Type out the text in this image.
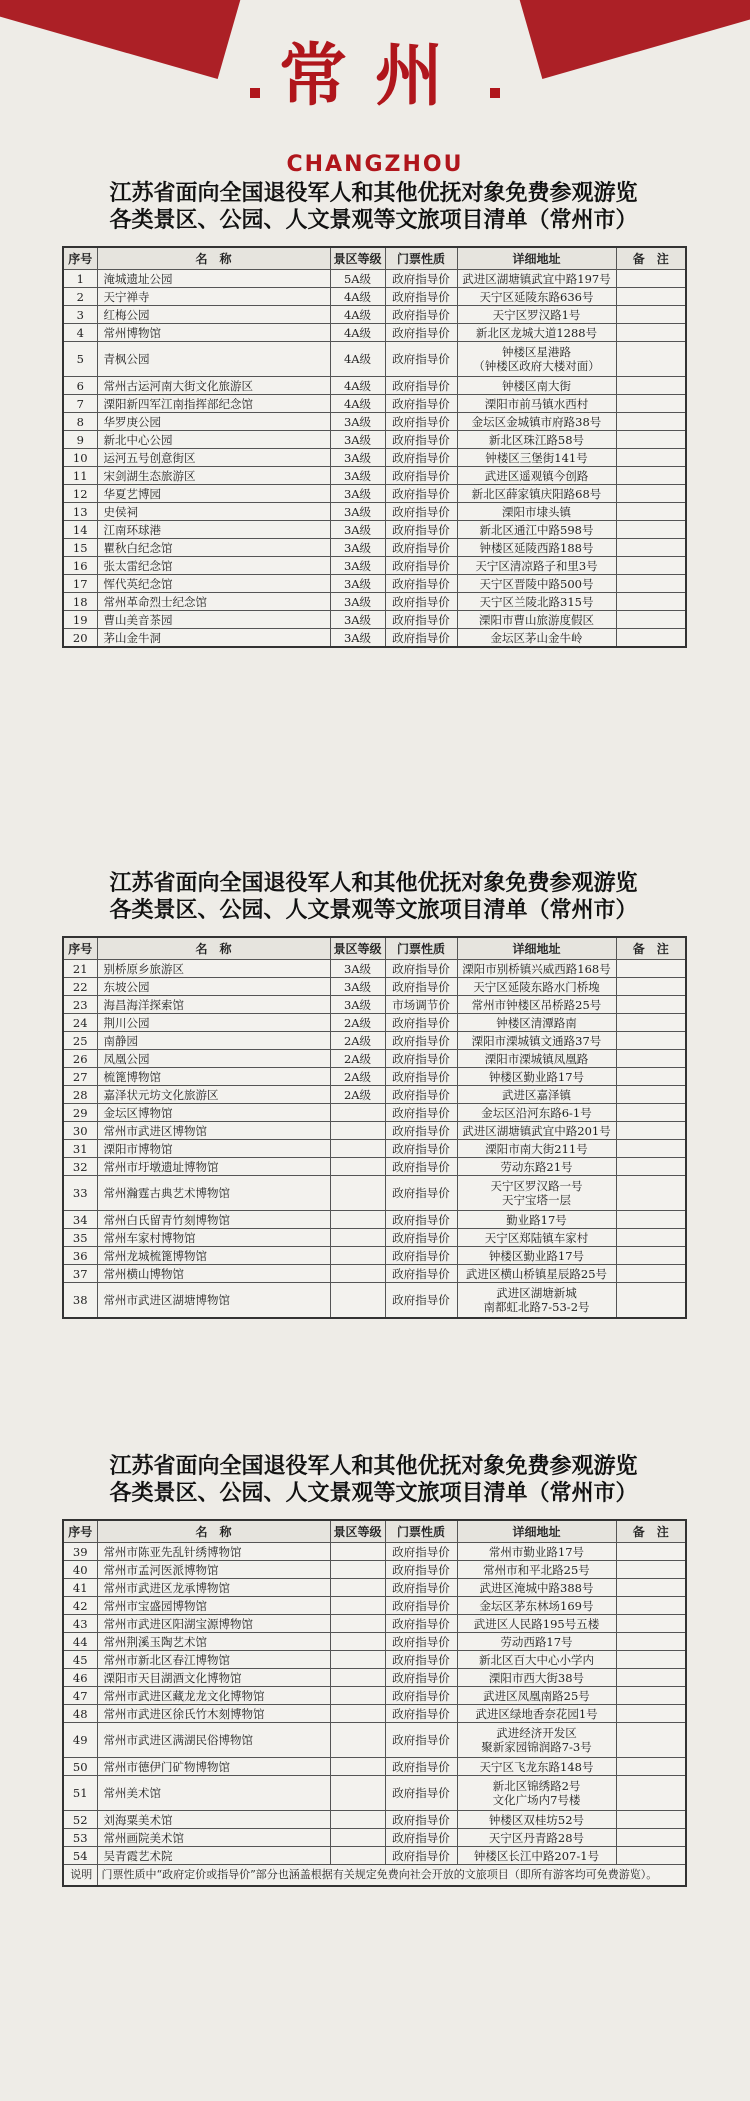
常州
CHANGZHOU
江苏省面向全国退役军人和其他优抚对象免费参观游览
各类景区、公园、人文景观等文旅项目清单（常州市）
序号	名　称	景区等级	门票性质	详细地址	备　注
1	淹城遗址公园	5A级	政府指导价	武进区湖塘镇武宜中路197号	
2	天宁禅寺	4A级	政府指导价	天宁区延陵东路636号	
3	红梅公园	4A级	政府指导价	天宁区罗汉路1号	
4	常州博物馆	4A级	政府指导价	新北区龙城大道1288号	
5	青枫公园	4A级	政府指导价	钟楼区星港路
（钟楼区政府大楼对面）	
6	常州古运河南大街文化旅游区	4A级	政府指导价	钟楼区南大街	
7	溧阳新四军江南指挥部纪念馆	4A级	政府指导价	溧阳市前马镇水西村	
8	华罗庚公园	3A级	政府指导价	金坛区金城镇市府路38号	
9	新北中心公园	3A级	政府指导价	新北区珠江路58号	
10	运河五号创意街区	3A级	政府指导价	钟楼区三堡街141号	
11	宋剑湖生态旅游区	3A级	政府指导价	武进区遥观镇今创路	
12	华夏艺博园	3A级	政府指导价	新北区薛家镇庆阳路68号	
13	史侯祠	3A级	政府指导价	溧阳市埭头镇	
14	江南环球港	3A级	政府指导价	新北区通江中路598号	
15	瞿秋白纪念馆	3A级	政府指导价	钟楼区延陵西路188号	
16	张太雷纪念馆	3A级	政府指导价	天宁区清凉路子和里3号	
17	恽代英纪念馆	3A级	政府指导价	天宁区晋陵中路500号	
18	常州革命烈士纪念馆	3A级	政府指导价	天宁区兰陵北路315号	
19	曹山美音茶园	3A级	政府指导价	溧阳市曹山旅游度假区	
20	茅山金牛洞	3A级	政府指导价	金坛区茅山金牛岭	
江苏省面向全国退役军人和其他优抚对象免费参观游览
各类景区、公园、人文景观等文旅项目清单（常州市）
序号	名　称	景区等级	门票性质	详细地址	备　注
21	别桥原乡旅游区	3A级	政府指导价	溧阳市别桥镇兴威西路168号	
22	东坡公园	3A级	政府指导价	天宁区延陵东路水门桥堍	
23	海昌海洋探索馆	3A级	市场调节价	常州市钟楼区吊桥路25号	
24	荆川公园	2A级	政府指导价	钟楼区清潭路南	
25	南静园	2A级	政府指导价	溧阳市溧城镇文通路37号	
26	凤凰公园	2A级	政府指导价	溧阳市溧城镇凤凰路	
27	梳篦博物馆	2A级	政府指导价	钟楼区勤业路17号	
28	嘉泽状元坊文化旅游区	2A级	政府指导价	武进区嘉泽镇	
29	金坛区博物馆		政府指导价	金坛区沿河东路6-1号	
30	常州市武进区博物馆		政府指导价	武进区湖塘镇武宜中路201号	
31	溧阳市博物馆		政府指导价	溧阳市南大街211号	
32	常州市圩墩遗址博物馆		政府指导价	劳动东路21号	
33	常州瀚霆古典艺术博物馆		政府指导价	天宁区罗汉路一号
天宁宝塔一层	
34	常州白氏留青竹刻博物馆		政府指导价	勤业路17号	
35	常州车家村博物馆		政府指导价	天宁区郑陆镇车家村	
36	常州龙城梳篦博物馆		政府指导价	钟楼区勤业路17号	
37	常州横山博物馆		政府指导价	武进区横山桥镇星辰路25号	
38	常州市武进区湖塘博物馆		政府指导价	武进区湖塘新城
南都虹北路7-53-2号	
江苏省面向全国退役军人和其他优抚对象免费参观游览
各类景区、公园、人文景观等文旅项目清单（常州市）
序号	名　称	景区等级	门票性质	详细地址	备　注
39	常州市陈亚先乱针绣博物馆		政府指导价	常州市勤业路17号	
40	常州市孟河医派博物馆		政府指导价	常州市和平北路25号	
41	常州市武进区龙承博物馆		政府指导价	武进区淹城中路388号	
42	常州市宝盛园博物馆		政府指导价	金坛区茅东林场169号	
43	常州市武进区阳湖宝源博物馆		政府指导价	武进区人民路195号五楼	
44	常州荆溪玉陶艺术馆		政府指导价	劳动西路17号	
45	常州市新北区春江博物馆		政府指导价	新北区百大中心小学内	
46	溧阳市天目湖酒文化博物馆		政府指导价	溧阳市西大街38号	
47	常州市武进区藏龙龙文化博物馆		政府指导价	武进区凤凰南路25号	
48	常州市武进区徐氏竹木刻博物馆		政府指导价	武进区绿地香奈花园1号	
49	常州市武进区满湖民俗博物馆		政府指导价	武进经济开发区
聚新家园锦润路7-3号	
50	常州市德伊门矿物博物馆		政府指导价	天宁区飞龙东路148号	
51	常州美术馆		政府指导价	新北区锦绣路2号
文化广场内7号楼	
52	刘海粟美术馆		政府指导价	钟楼区双桂坊52号	
53	常州画院美术馆		政府指导价	天宁区丹青路28号	
54	吴青霞艺术院		政府指导价	钟楼区长江中路207-1号	
说明	门票性质中“政府定价或指导价”部分也涵盖根据有关规定免费向社会开放的文旅项目（即所有游客均可免费游览）。				
